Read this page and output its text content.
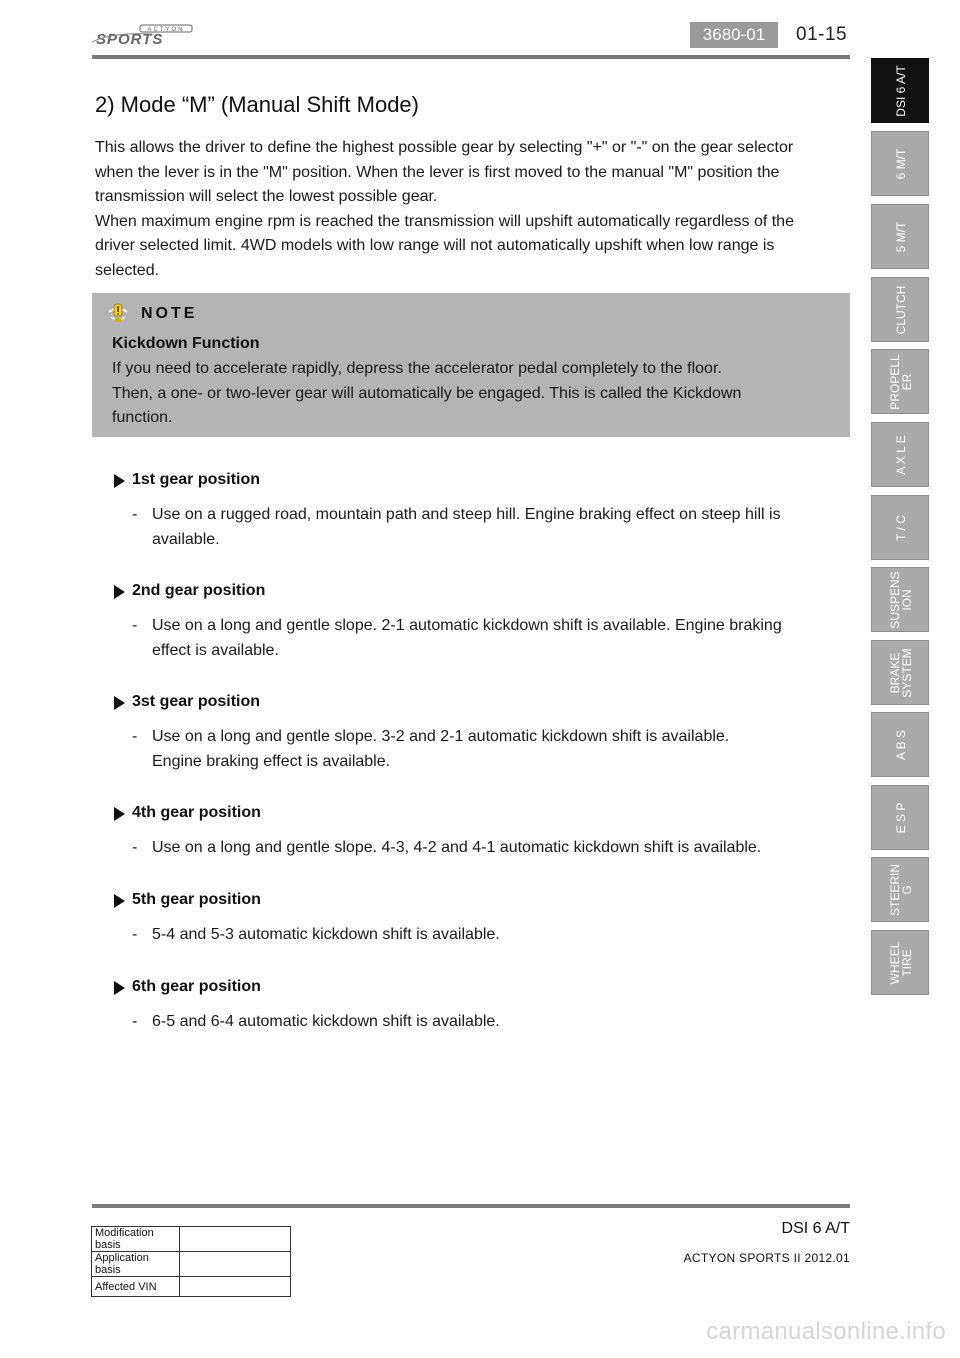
ACTYON
SPORTS	3680-01	01-15
2) Mode “M” (Manual Shift Mode)
This allows the driver to define the highest possible gear by selecting "+" or "-" on the gear selector when the lever is in the "M" position. When the lever is first moved to the manual "M" position the transmission will select the lowest possible gear.
When maximum engine rpm is reached the transmission will upshift automatically regardless of the driver selected limit. 4WD models with low range will not automatically upshift when low range is selected.
NOTE
Kickdown Function
If you need to accelerate rapidly, depress the accelerator pedal completely to the floor.
Then, a one- or two-lever gear will automatically be engaged. This is called the Kickdown function.
1st gear position
- Use on a rugged road, mountain path and steep hill. Engine braking effect on steep hill is available.
2nd gear position
- Use on a long and gentle slope. 2-1 automatic kickdown shift is available. Engine braking effect is available.
3st gear position
- Use on a long and gentle slope. 3-2 and 2-1 automatic kickdown shift is available.
Engine braking effect is available.
4th gear position
- Use on a long and gentle slope. 4-3, 4-2 and 4-1 automatic kickdown shift is available.
5th gear position
- 5-4 and 5-3 automatic kickdown shift is available.
6th gear position
- 6-5 and 6-4 automatic kickdown shift is available.
DSI 6 A/T
6 M/T
5 M/T
CLUTCH
PROPELL
ER
A X L E
T / C
SUSPENS
ION
BRAKE
SYSTEM
A B S
E S P
STEERIN
G
WHEEL
TIRE
Modification basis	
Application basis	
Affected VIN	
DSI 6 A/T
ACTYON SPORTS II 2012.01
carmanualsonline.info
